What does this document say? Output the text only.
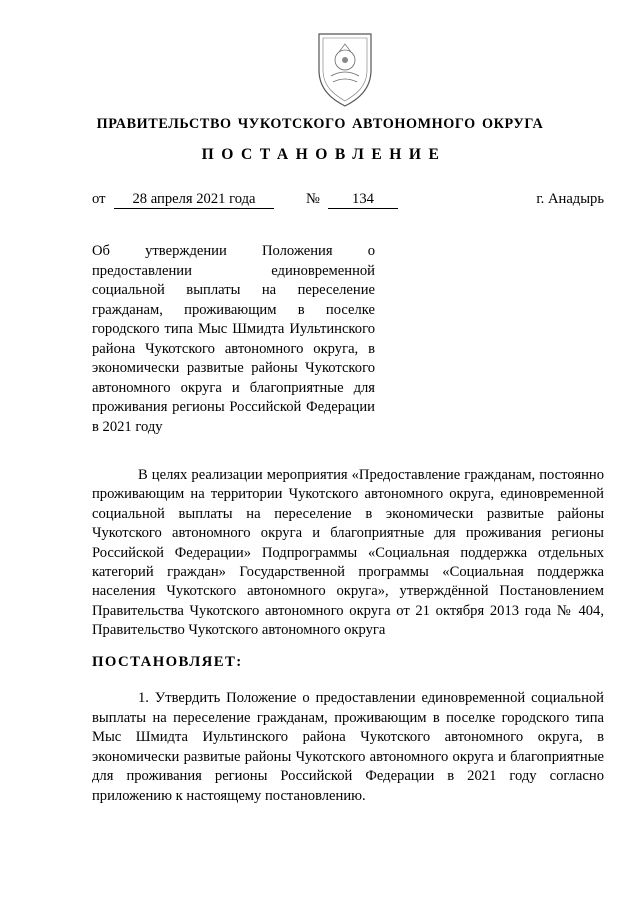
ПРАВИТЕЛЬСТВО ЧУКОТСКОГО АВТОНОМНОГО ОКРУГА
ПОСТАНОВЛЕНИЕ
от	28 апреля 2021 года	№	134	г. Анадырь
Об утверждении Положения о предоставлении единовременной социальной выплаты на переселение гражданам, проживающим в поселке городского типа Мыс Шмидта Иультинского района Чукотского автономного округа, в экономически развитые районы Чукотского автономного округа и благоприятные для проживания регионы Российской Федерации
в 2021 году
В целях реализации мероприятия «Предоставление гражданам, постоянно проживающим на территории Чукотского автономного округа, единовременной социальной выплаты на переселение в экономически развитые районы Чукотского автономного округа и благоприятные для проживания регионы Российской Федерации» Подпрограммы «Социальная поддержка отдельных категорий граждан» Государственной программы «Социальная поддержка населения Чукотского автономного округа», утверждённой Постановлением Правительства Чукотского автономного округа от 21 октября 2013 года № 404, Правительство Чукотского автономного округа
ПОСТАНОВЛЯЕТ:
1. Утвердить Положение о предоставлении единовременной социальной выплаты на переселение гражданам, проживающим в поселке городского типа Мыс Шмидта Иультинского района Чукотского автономного округа, в экономически развитые районы Чукотского автономного округа и благоприятные для проживания регионы Российской Федерации в 2021 году согласно приложению к настоящему постановлению.
